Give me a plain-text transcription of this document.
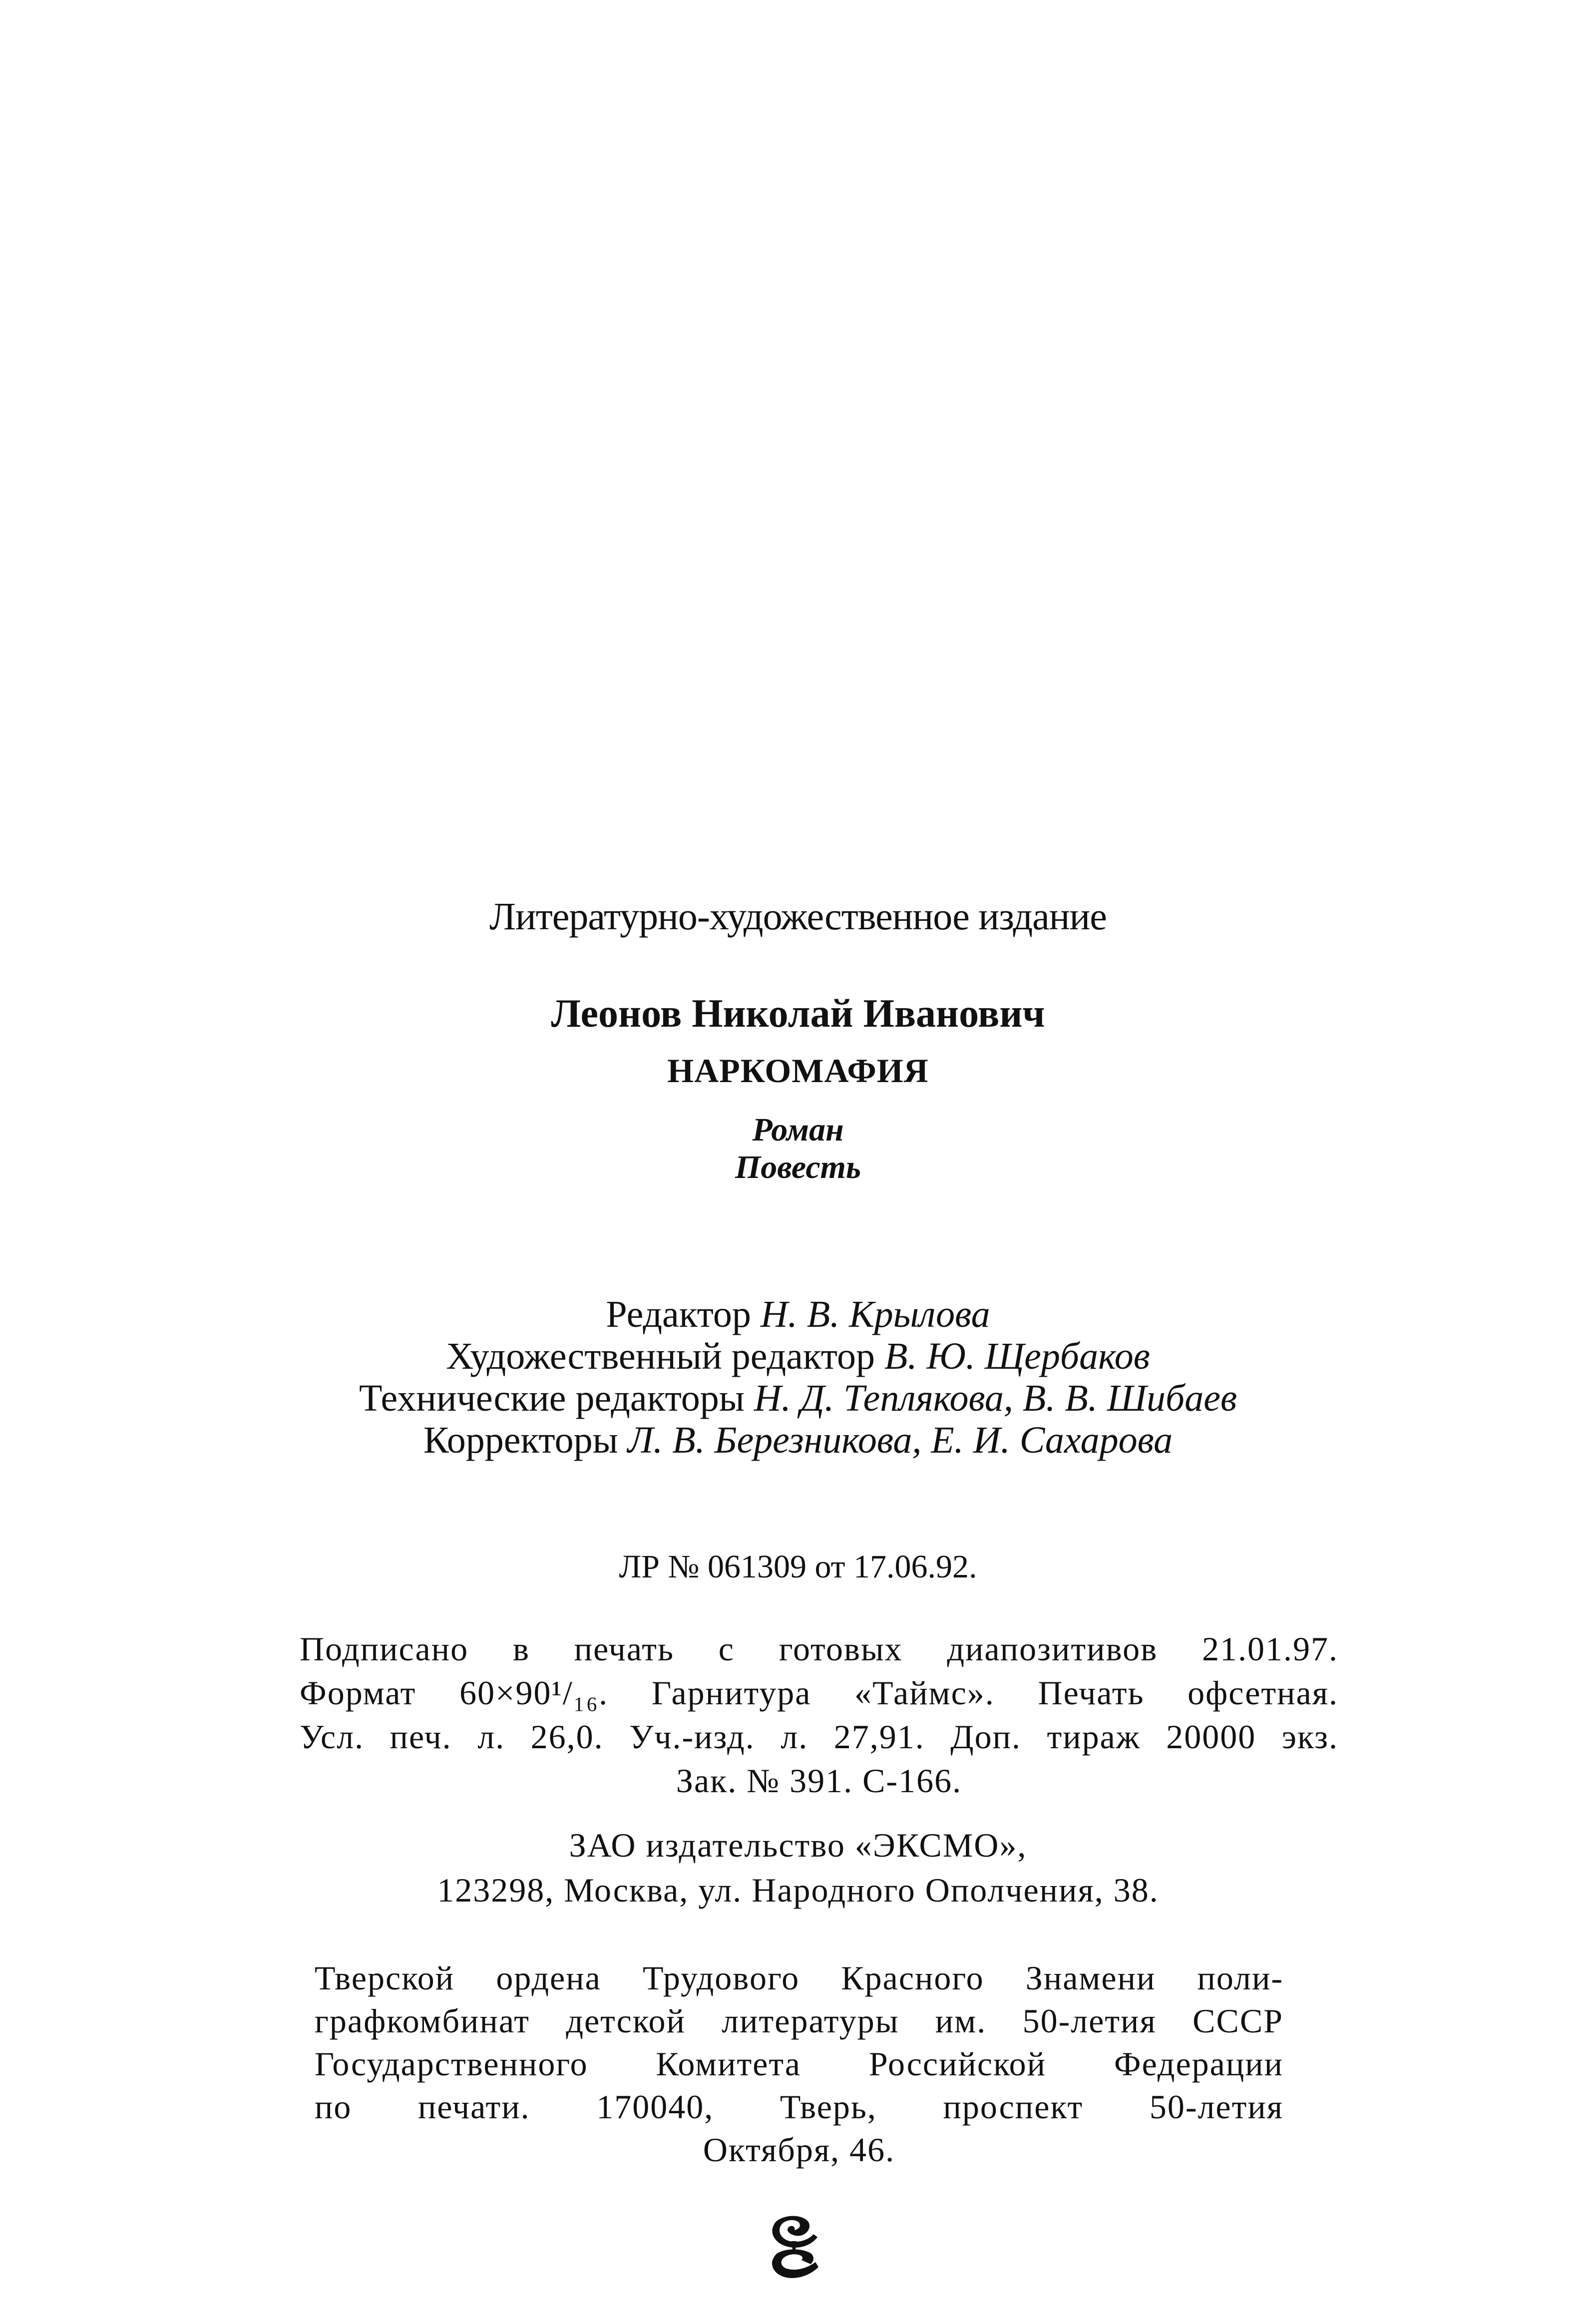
Литературно-художественное издание
Леонов Николай Иванович
НАРКОМАФИЯ
Роман
Повесть
Редактор Н. В. Крылова
Художественный редактор В. Ю. Щербаков
Технические редакторы Н. Д. Теплякова, В. В. Шибаев
Корректоры Л. В. Березникова, Е. И. Сахарова
ЛР № 061309 от 17.06.92.
Подписано в печать с готовых диапозитивов 21.01.97.
Формат 60×90¹/₁₆. Гарнитура «Таймс». Печать офсетная.
Усл. печ. л. 26,0. Уч.-изд. л. 27,91. Доп. тираж 20000 экз.
Зак. № 391. С-166.
ЗАО издательство «ЭКСМО»,
123298, Москва, ул. Народного Ополчения, 38.
Тверской ордена Трудового Красного Знамени поли-
графкомбинат детской литературы им. 50-летия СССР
Государственного Комитета Российской Федерации
по печати. 170040, Тверь, проспект 50-летия
Октября, 46.
